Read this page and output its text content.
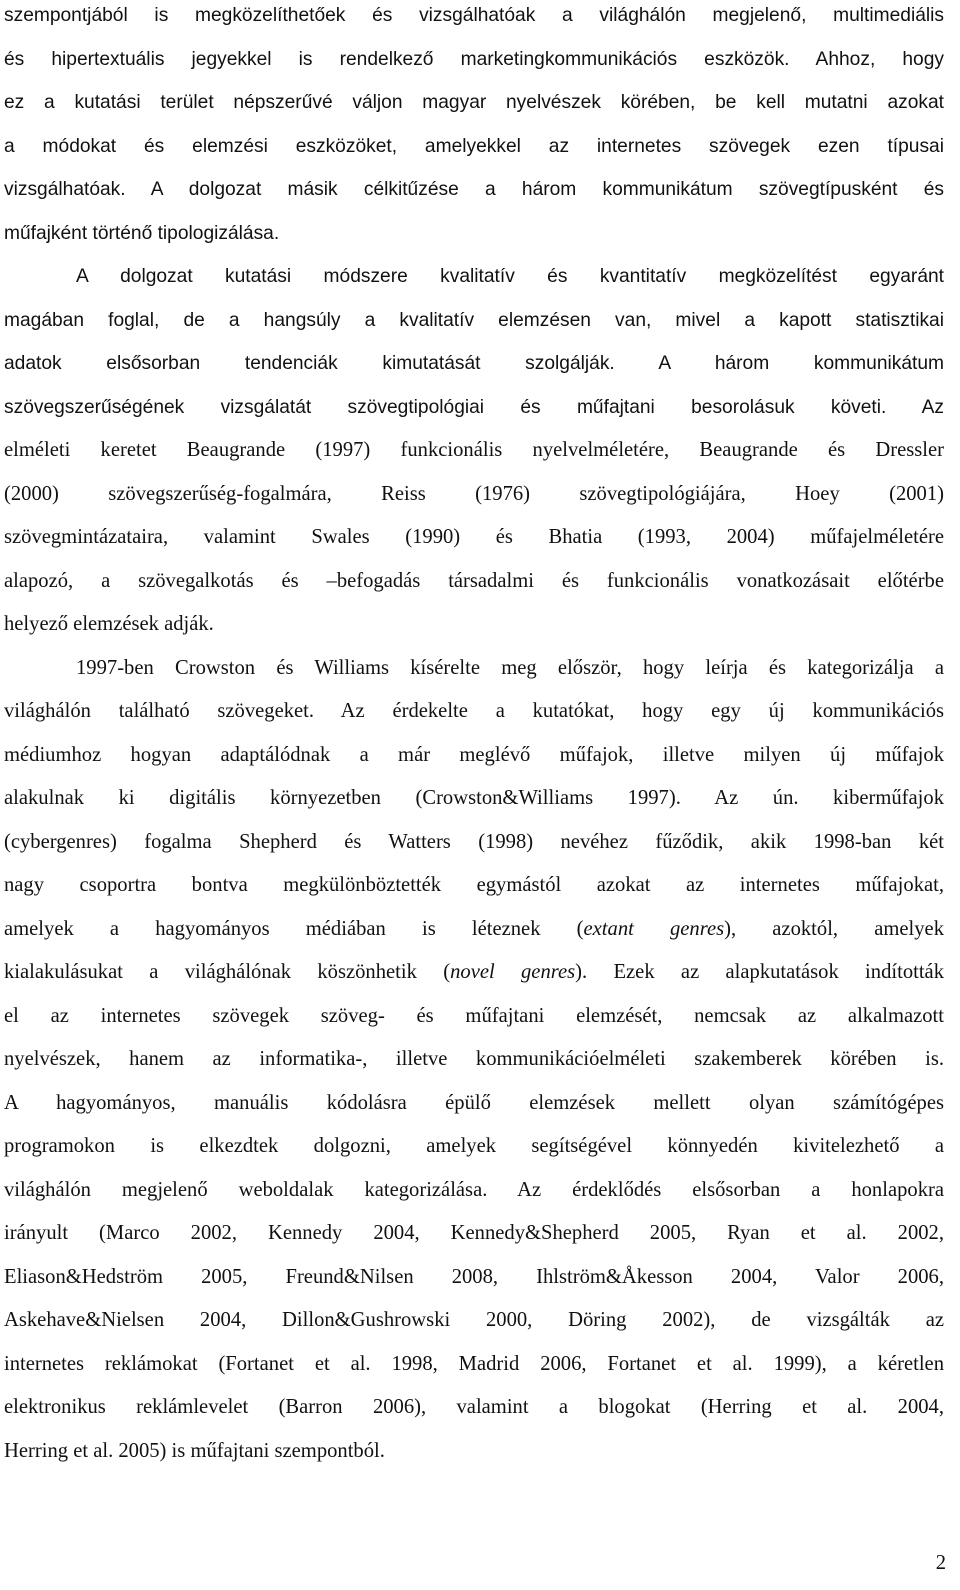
szempontjából is megközelíthetőek és vizsgálhatóak a világhálón megjelenő, multimediális
és hipertextuális jegyekkel is rendelkező marketingkommunikációs eszközök. Ahhoz, hogy
ez a kutatási terület népszerűvé váljon magyar nyelvészek körében, be kell mutatni azokat
a módokat és elemzési eszközöket, amelyekkel az internetes szövegek ezen típusai
vizsgálhatóak. A dolgozat másik célkitűzése a három kommunikátum szövegtípusként és
műfajként történő tipologizálása.
A dolgozat kutatási módszere kvalitatív és kvantitatív megközelítést egyaránt
magában foglal, de a hangsúly a kvalitatív elemzésen van, mivel a kapott statisztikai
adatok elsősorban tendenciák kimutatását szolgálják. A három kommunikátum
szövegszerűségének vizsgálatát szövegtipológiai és műfajtani besorolásuk követi. Az
elméleti keretet Beaugrande (1997) funkcionális nyelvelméletére, Beaugrande és Dressler
(2000) szövegszerűség-fogalmára, Reiss (1976) szövegtipológiájára, Hoey (2001)
szövegmintázataira, valamint Swales (1990) és Bhatia (1993, 2004) műfajelméletére
alapozó, a szövegalkotás és –befogadás társadalmi és funkcionális vonatkozásait előtérbe
helyező elemzések adják.
1997-ben Crowston és Williams kísérelte meg először, hogy leírja és kategorizálja a
világhálón található szövegeket. Az érdekelte a kutatókat, hogy egy új kommunikációs
médiumhoz hogyan adaptálódnak a már meglévő műfajok, illetve milyen új műfajok
alakulnak ki digitális környezetben (Crowston&Williams 1997). Az ún. kiberműfajok
(cybergenres) fogalma Shepherd és Watters (1998) nevéhez fűződik, akik 1998-ban két
nagy csoportra bontva megkülönböztették egymástól azokat az internetes műfajokat,
amelyek a hagyományos médiában is léteznek (extant genres), azoktól, amelyek
kialakulásukat a világhálónak köszönhetik (novel genres). Ezek az alapkutatások indították
el az internetes szövegek szöveg- és műfajtani elemzését, nemcsak az alkalmazott
nyelvészek, hanem az informatika-, illetve kommunikációelméleti szakemberek körében is.
A hagyományos, manuális kódolásra épülő elemzések mellett olyan számítógépes
programokon is elkezdtek dolgozni, amelyek segítségével könnyedén kivitelezhető a
világhálón megjelenő weboldalak kategorizálása. Az érdeklődés elsősorban a honlapokra
irányult (Marco 2002, Kennedy 2004, Kennedy&Shepherd 2005, Ryan et al. 2002,
Eliason&Hedström 2005, Freund&Nilsen 2008, Ihlström&Åkesson 2004, Valor 2006,
Askehave&Nielsen 2004, Dillon&Gushrowski 2000, Döring 2002), de vizsgálták az
internetes reklámokat (Fortanet et al. 1998, Madrid 2006, Fortanet et al. 1999), a kéretlen
elektronikus reklámlevelet (Barron 2006), valamint a blogokat (Herring et al. 2004,
Herring et al. 2005) is műfajtani szempontból.
2
